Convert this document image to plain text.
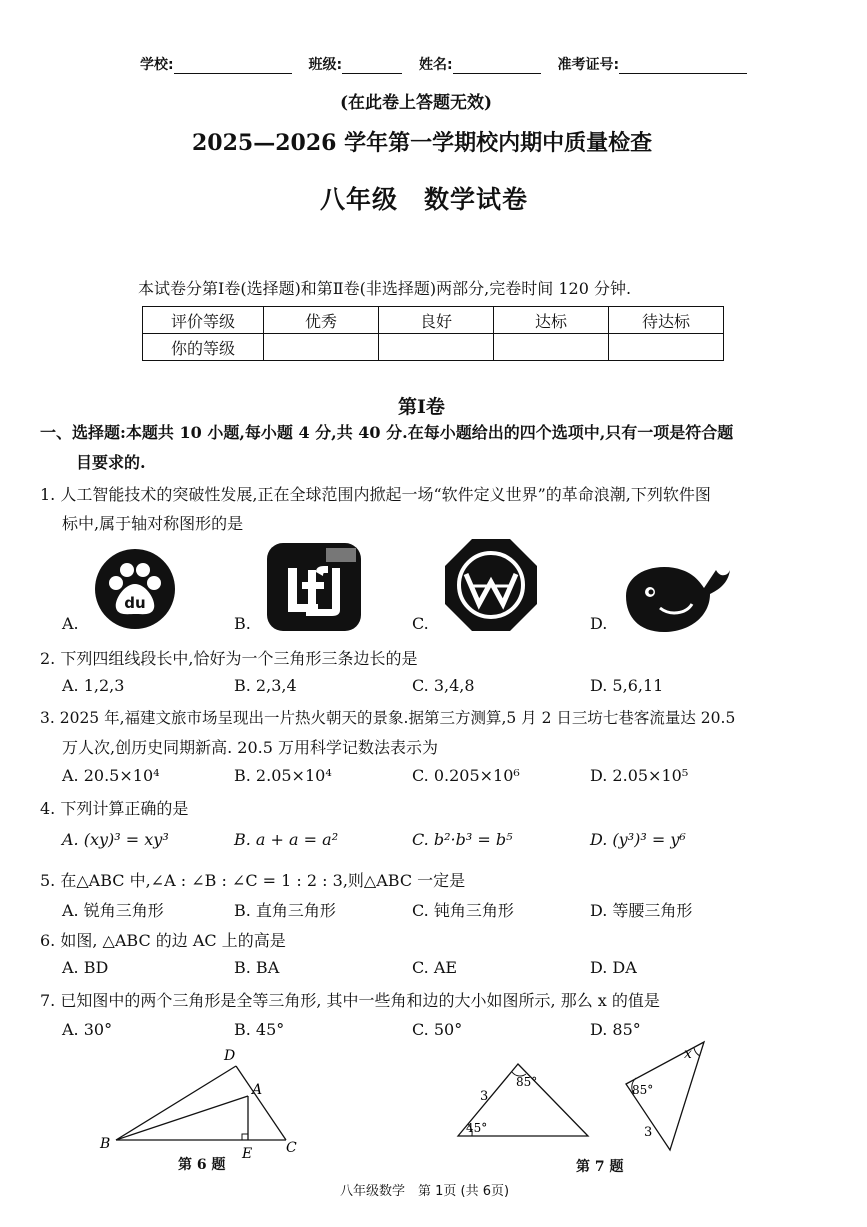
学校:	班级:	姓名:	准考证号:
(在此卷上答题无效)
2025—2026 学年第一学期校内期中质量检查
八年级　数学试卷
本试卷分第Ⅰ卷(选择题)和第Ⅱ卷(非选择题)两部分,完卷时间 120 分钟.
评价等级	优秀	良好	达标	待达标
你的等级				
第Ⅰ卷
一、选择题:本题共 10 小题,每小题 4 分,共 40 分.在每小题给出的四个选项中,只有一项是符合题
目要求的.
1. 人工智能技术的突破性发展,正在全球范围内掀起一场“软件定义世界”的革命浪潮,下列软件图
标中,属于轴对称图形的是
du
A.	B.	C.	D.
2. 下列四组线段长中,恰好为一个三角形三条边长的是
A. 1,2,3	B. 2,3,4	C. 3,4,8	D. 5,6,11
3. 2025 年,福建文旅市场呈现出一片热火朝天的景象.据第三方测算,5 月 2 日三坊七巷客流量达 20.5
万人次,创历史同期新高. 20.5 万用科学记数法表示为
A. 20.5×10⁴	B. 2.05×10⁴	C. 0.205×10⁶	D. 2.05×10⁵
4. 下列计算正确的是
A. (xy)³ = xy³	B. a + a = a²	C. b²·b³ = b⁵	D. (y³)³ = y⁶
5. 在△ABC 中,∠A : ∠B : ∠C = 1 : 2 : 3,则△ABC 一定是
A. 锐角三角形	B. 直角三角形	C. 钝角三角形	D. 等腰三角形
6. 如图, △ABC 的边 AC 上的高是
A. BD	B. BA	C. AE	D. DA
7. 已知图中的两个三角形是全等三角形, 其中一些角和边的大小如图所示, 那么 x 的值是
A. 30°	B. 45°	C. 50°	D. 85°
D
A
B
E C
第 6 题
3
85°
45°
x
85°
3
第 7 题
八年级数学　第 1页 (共 6页)
